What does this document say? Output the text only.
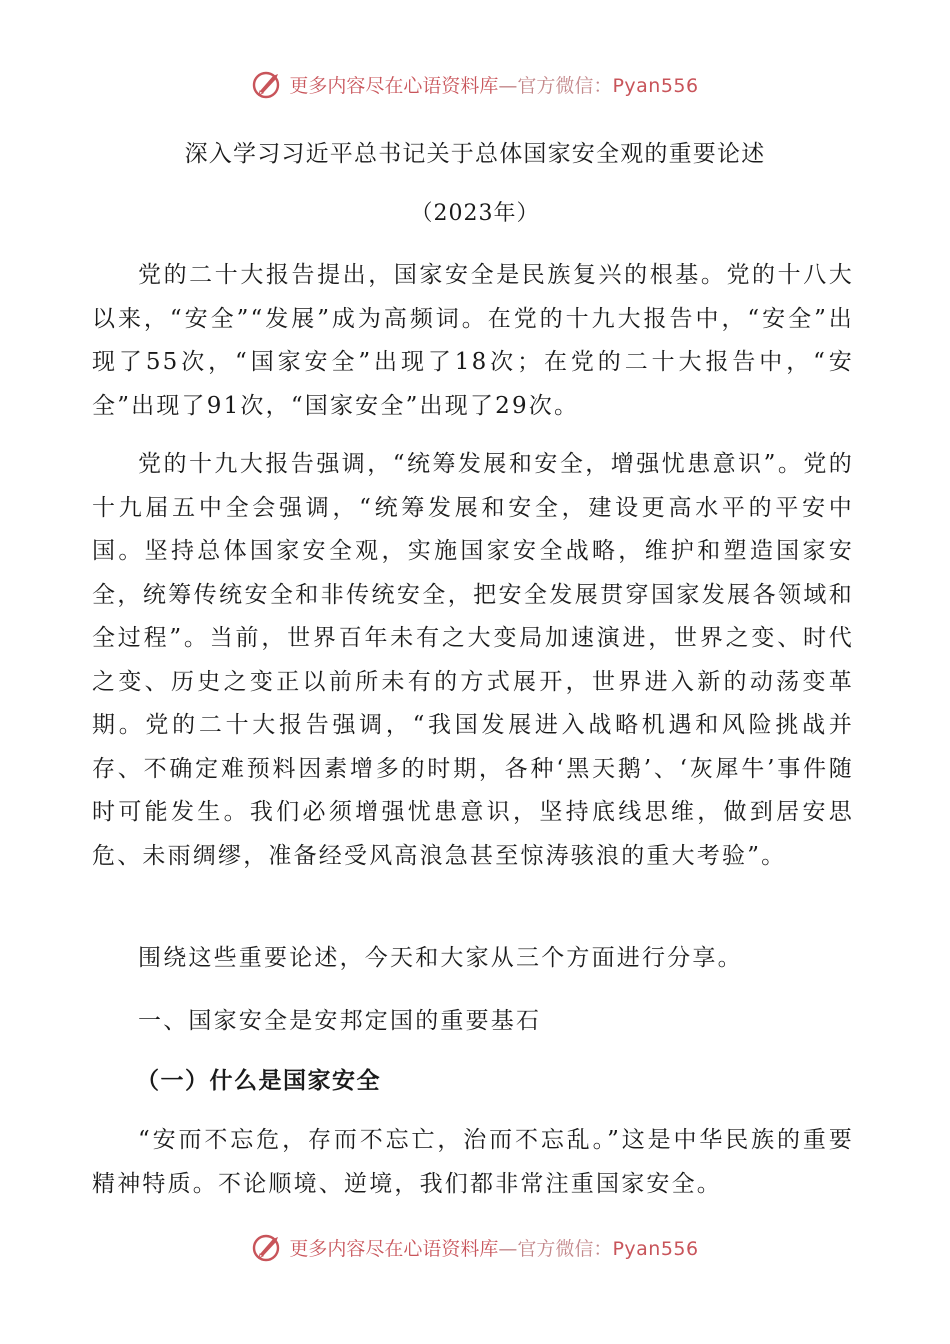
更多内容尽在心语资料库—官方微信：Pyan556
深入学习习近平总书记关于总体国家安全观的重要论述
（2023年）

党的二十大报告提出，国家安全是民族复兴的根基。党的十八大以来，“安全”“发展”成为高频词。在党的十九大报告中，“安全”出现了55次，“国家安全”出现了18次；在党的二十大报告中，“安全”出现了91次，“国家安全”出现了29次。

党的十九大报告强调，“统筹发展和安全，增强忧患意识”。党的十九届五中全会强调，“统筹发展和安全，建设更高水平的平安中国。坚持总体国家安全观，实施国家安全战略，维护和塑造国家安全，统筹传统安全和非传统安全，把安全发展贯穿国家发展各领域和全过程”。当前，世界百年未有之大变局加速演进，世界之变、时代之变、历史之变正以前所未有的方式展开，世界进入新的动荡变革期。党的二十大报告强调，“我国发展进入战略机遇和风险挑战并存、不确定难预料因素增多的时期，各种‘黑天鹅’、‘灰犀牛’事件随时可能发生。我们必须增强忧患意识，坚持底线思维，做到居安思危、未雨绸缪，准备经受风高浪急甚至惊涛骇浪的重大考验”。

围绕这些重要论述，今天和大家从三个方面进行分享。

一、国家安全是安邦定国的重要基石

（一）什么是国家安全

“安而不忘危，存而不忘亡，治而不忘乱。”这是中华民族的重要精神特质。不论顺境、逆境，我们都非常注重国家安全。

更多内容尽在心语资料库—官方微信：Pyan556
